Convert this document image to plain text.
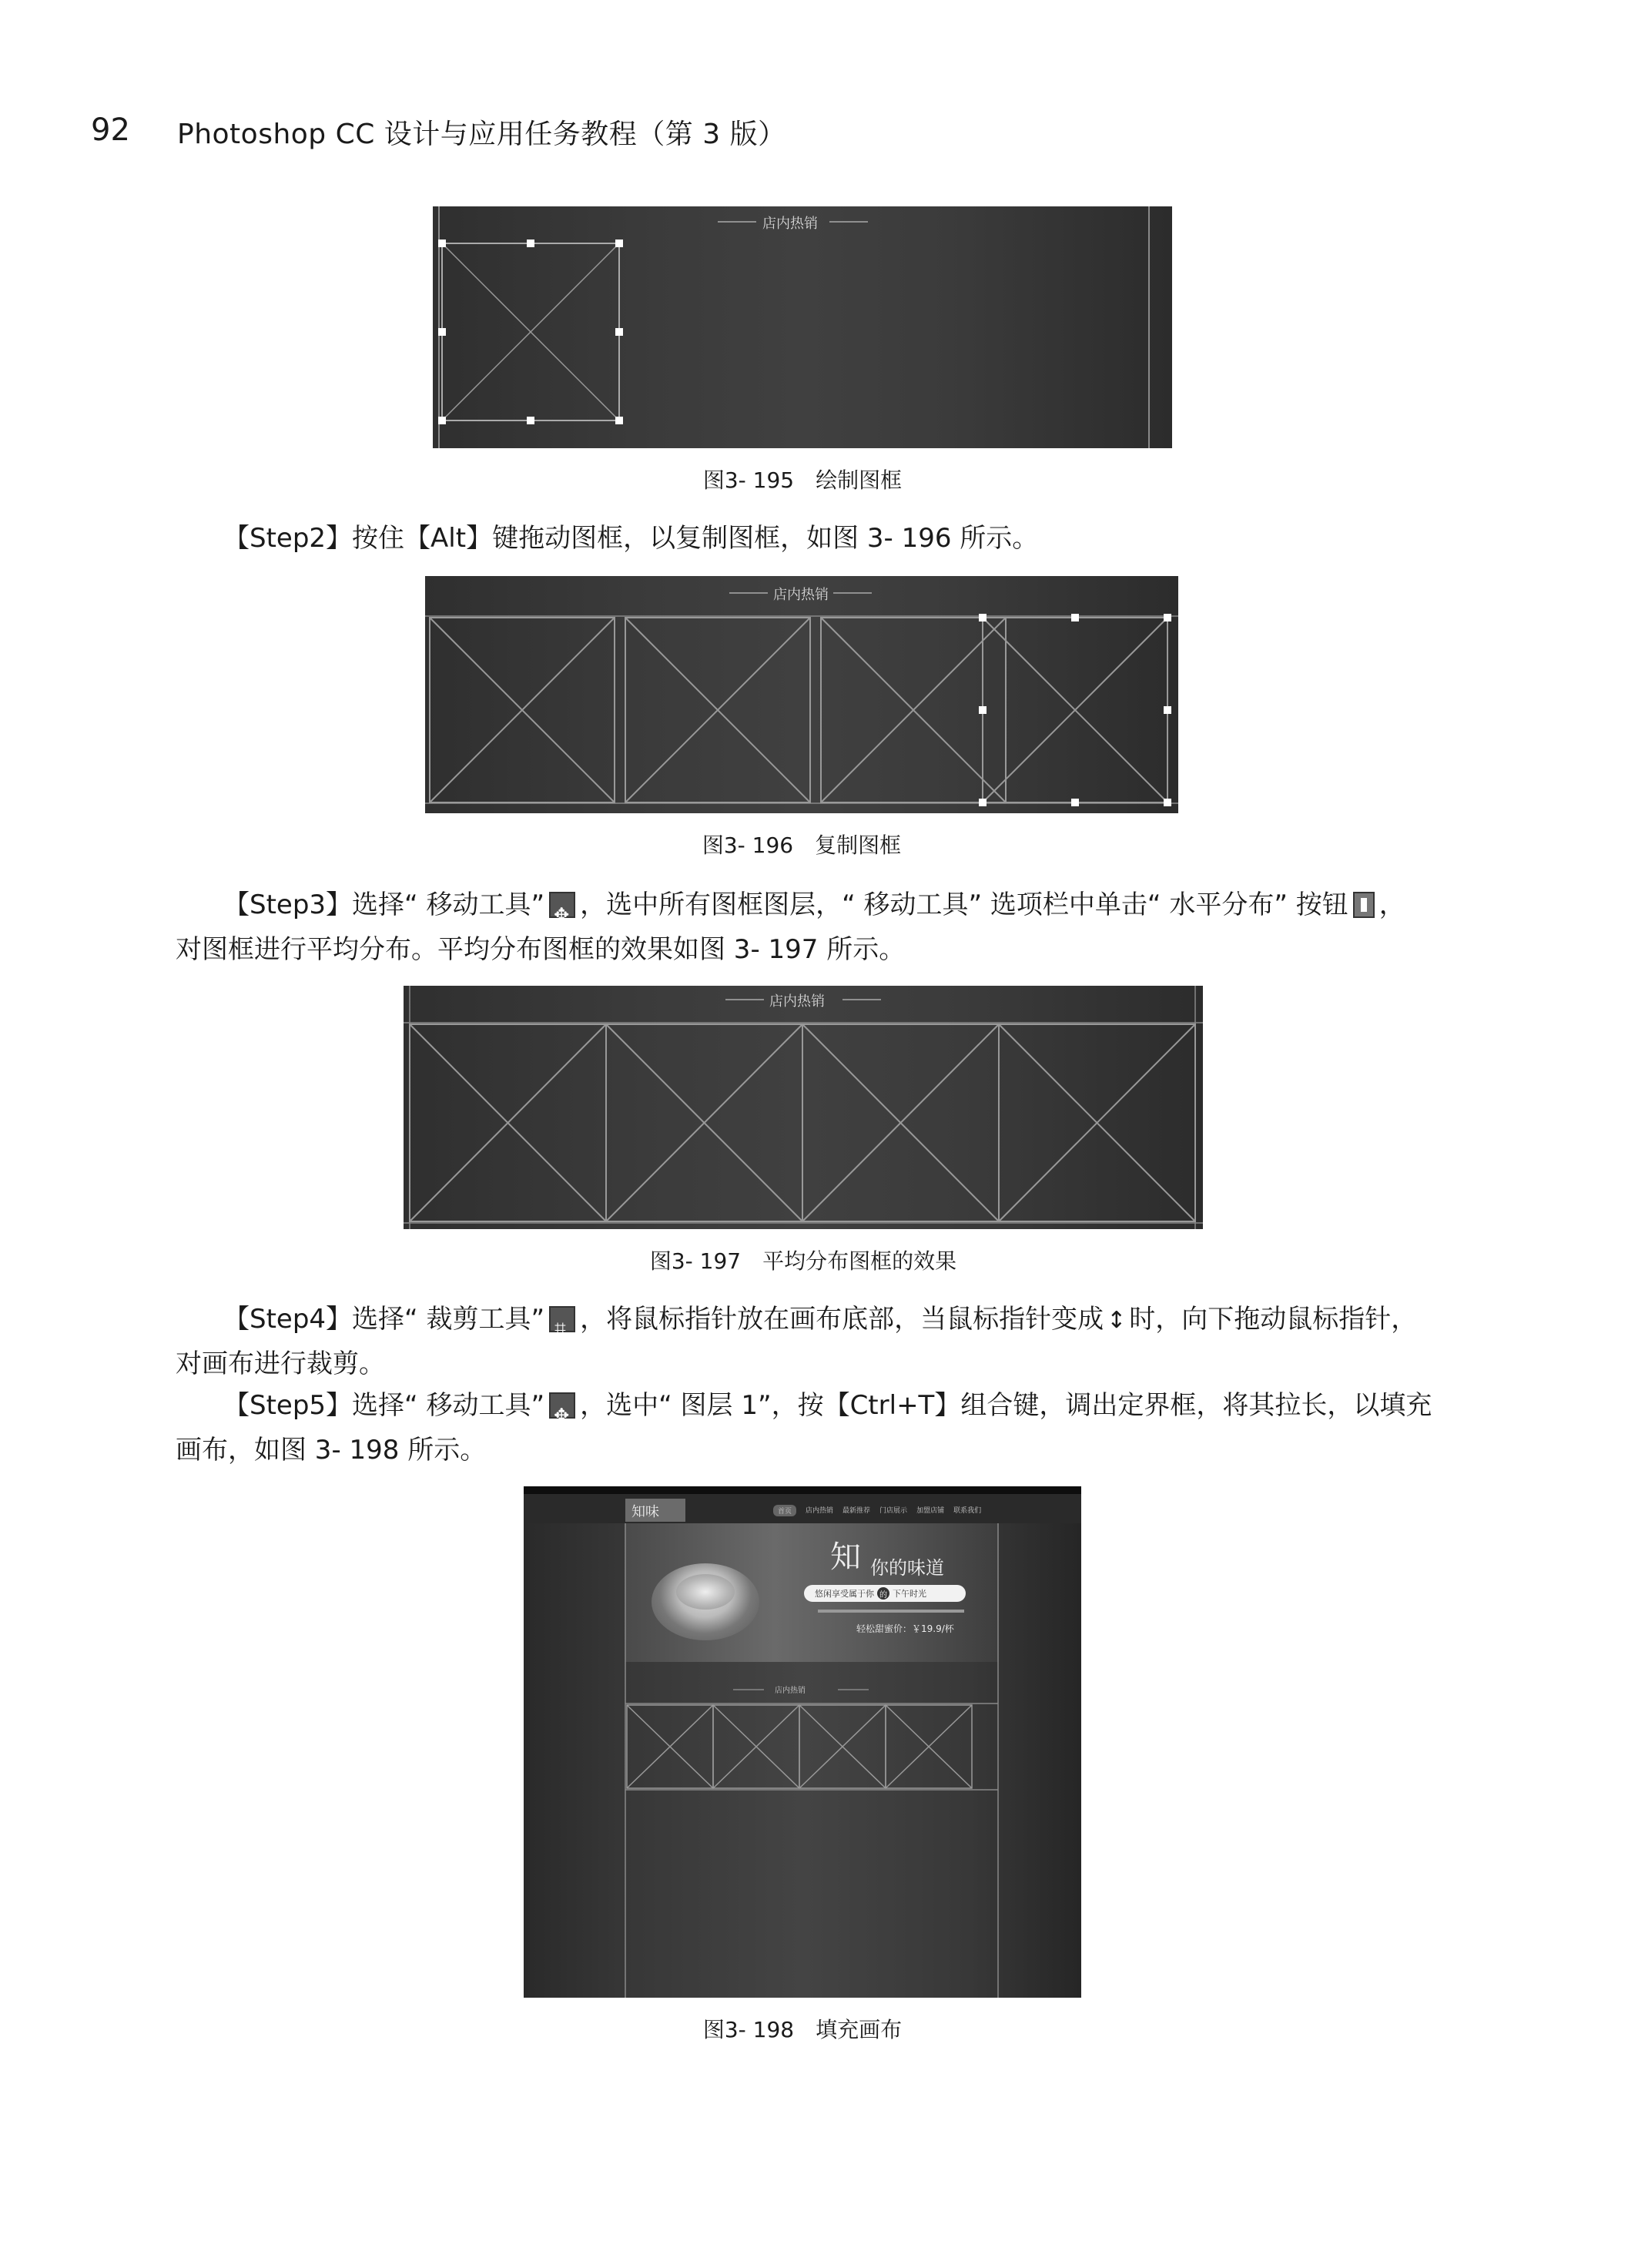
92 Photoshop CC 设计与应用任务教程（第 3 版）
店内热销
图3- 195　绘制图框
【Step2】按住【Alt】键拖动图框，以复制图框，如图 3- 196 所示。
店内热销
图3- 196　复制图框
【Step3】选择“ 移动工具” ✥ ，选中所有图框图层，“ 移动工具” 选项栏中单击“ 水平分布” 按钮 ，
对图框进行平均分布。平均分布图框的效果如图 3- 197 所示。
店内热销
图3- 197　平均分布图框的效果
【Step4】选择“ 裁剪工具” ⌗ ，将鼠标指针放在画布底部，当鼠标指针变成 ↕ 时，向下拖动鼠标指针，
对画布进行裁剪。
【Step5】选择“ 移动工具” ✥ ，选中“ 图层 1”，按【Ctrl+T】组合键，调出定界框，将其拉长，以填充
画布，如图 3- 198 所示。
知味	首页	店内热销 最新推荐 门店展示 加盟店铺 联系我们
知 你的味道
悠闲享受属于你 的 下午时光
轻松甜蜜价：￥19.9/杯
店内热销
图3- 198　填充画布
